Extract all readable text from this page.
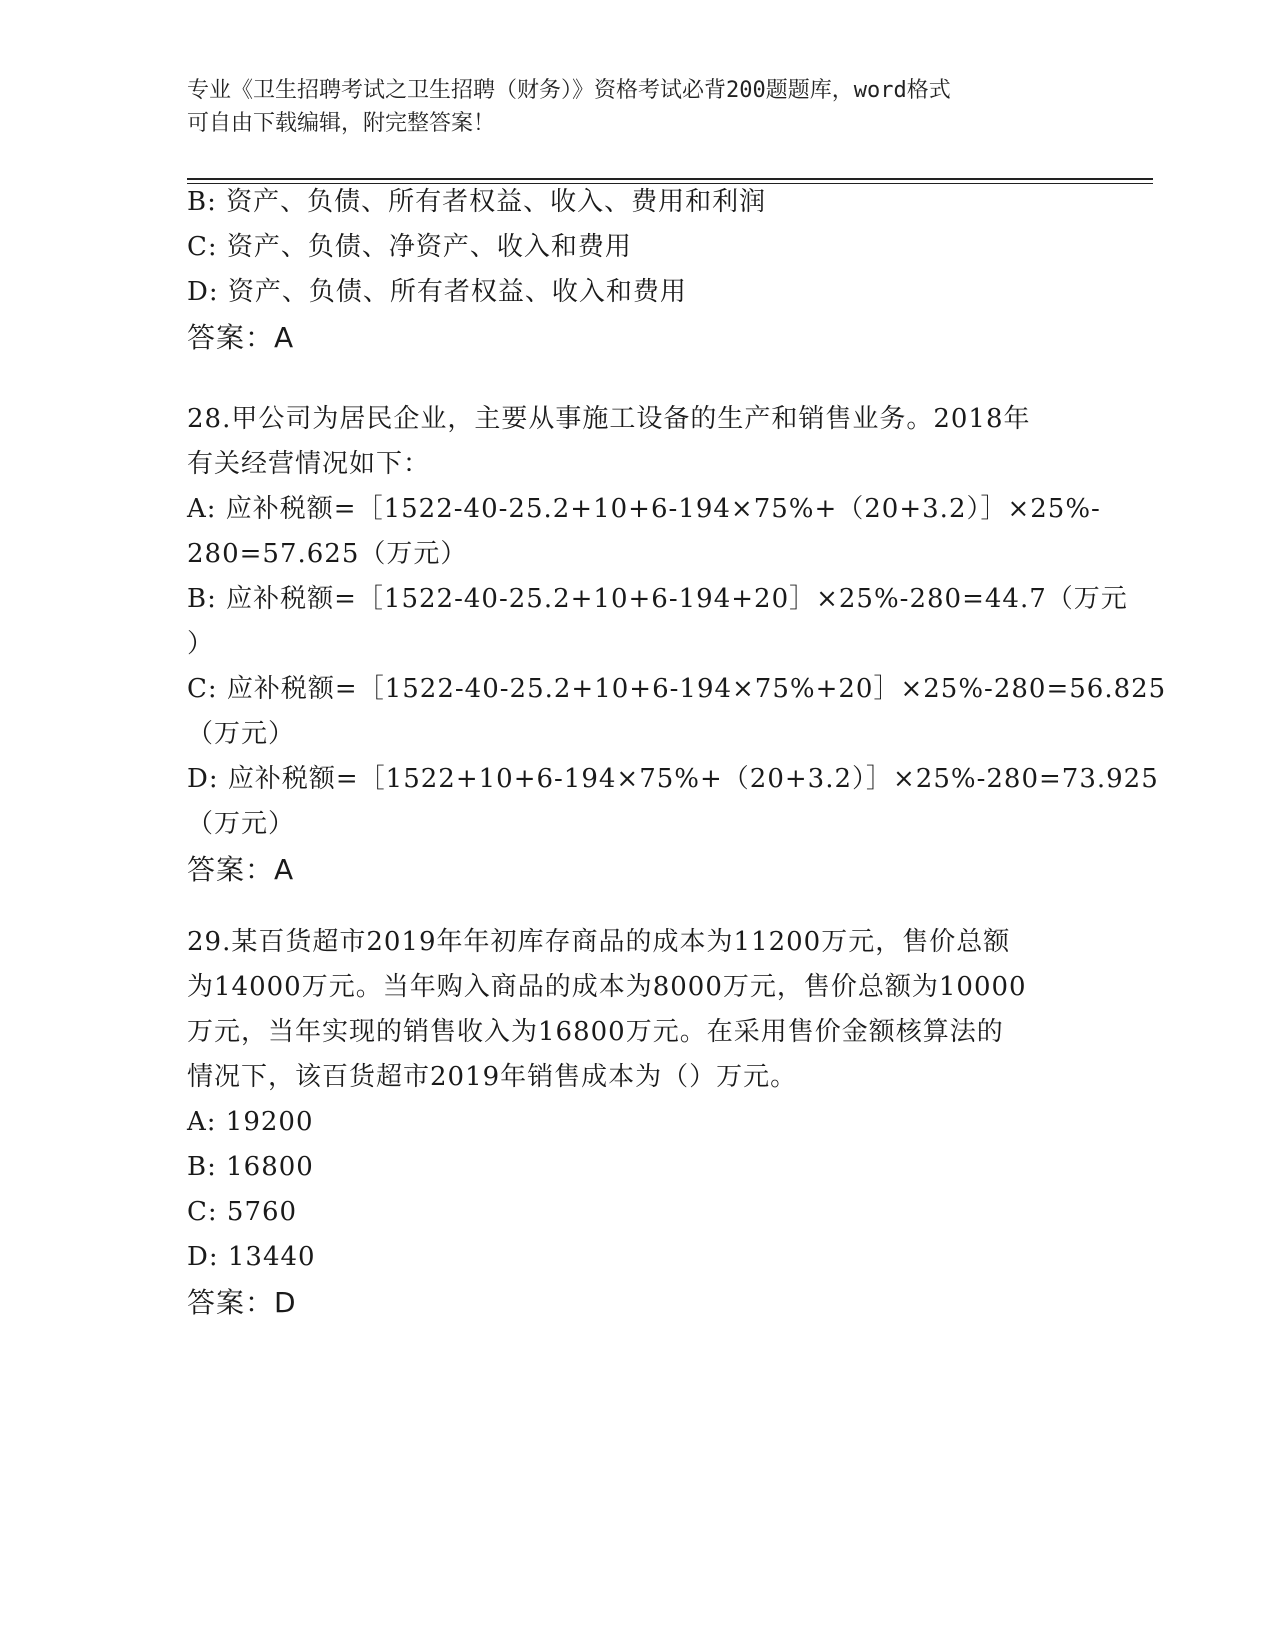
专业《卫生招聘考试之卫生招聘（财务）》资格考试必背200题题库，word格式
可自由下载编辑，附完整答案！
B: 资产、负债、所有者权益、收入、费用和利润
C: 资产、负债、净资产、收入和费用
D: 资产、负债、所有者权益、收入和费用
答案：A
28.甲公司为居民企业，主要从事施工设备的生产和销售业务。2018年
有关经营情况如下：
A: 应补税额=［1522-40-25.2+10+6-194×75%+（20+3.2）］×25%-
280=57.625（万元）
B: 应补税额=［1522-40-25.2+10+6-194+20］×25%-280=44.7（万元
）
C: 应补税额=［1522-40-25.2+10+6-194×75%+20］×25%-280=56.825
（万元）
D: 应补税额=［1522+10+6-194×75%+（20+3.2）］×25%-280=73.925
（万元）
答案：A
29.某百货超市2019年年初库存商品的成本为11200万元，售价总额
为14000万元。当年购入商品的成本为8000万元，售价总额为10000
万元，当年实现的销售收入为16800万元。在采用售价金额核算法的
情况下，该百货超市2019年销售成本为（）万元。
A: 19200
B: 16800
C: 5760
D: 13440
答案：D
